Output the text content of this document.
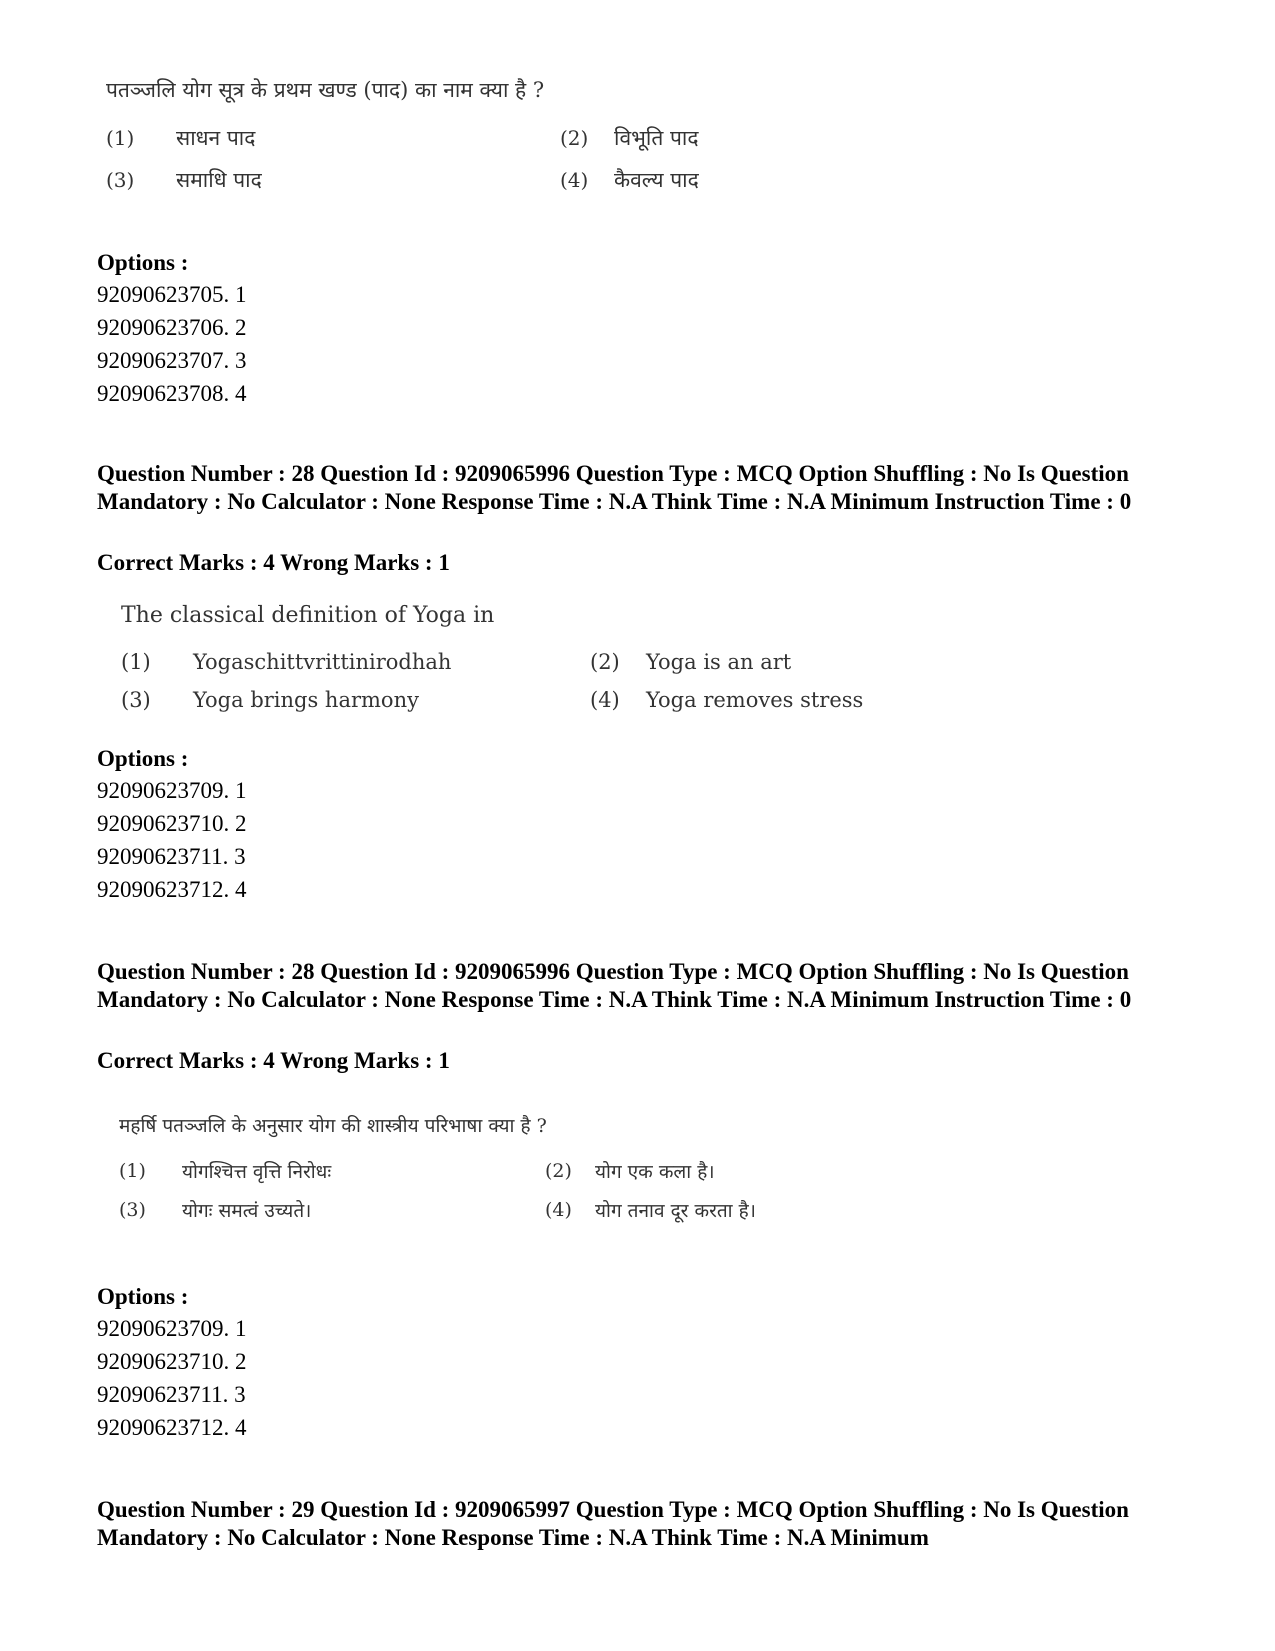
पतञ्जलि योग सूत्र के प्रथम खण्ड (पाद) का नाम क्या है ?
(1) साधन पाद	(2) विभूति पाद
(3) समाधि पाद	(4) कैवल्य पाद
Options :
92090623705. 1
92090623706. 2
92090623707. 3
92090623708. 4
Question Number : 28 Question Id : 9209065996 Question Type : MCQ Option Shuffling : No Is Question Mandatory : No Calculator : None Response Time : N.A Think Time : N.A Minimum Instruction Time : 0
Correct Marks : 4 Wrong Marks : 1
The classical definition of Yoga in
(1) Yogaschittvrittinirodhah	(2) Yoga is an art
(3) Yoga brings harmony	(4) Yoga removes stress
Options :
92090623709. 1
92090623710. 2
92090623711. 3
92090623712. 4
Question Number : 28 Question Id : 9209065996 Question Type : MCQ Option Shuffling : No Is Question Mandatory : No Calculator : None Response Time : N.A Think Time : N.A Minimum Instruction Time : 0
Correct Marks : 4 Wrong Marks : 1
महर्षि पतञ्जलि के अनुसार योग की शास्त्रीय परिभाषा क्या है ?
(1) योगश्चित्त वृत्ति निरोधः	(2) योग एक कला है।
(3) योगः समत्वं उच्यते।	(4) योग तनाव दूर करता है।
Options :
92090623709. 1
92090623710. 2
92090623711. 3
92090623712. 4
Question Number : 29 Question Id : 9209065997 Question Type : MCQ Option Shuffling : No Is Question Mandatory : No Calculator : None Response Time : N.A Think Time : N.A Minimum
